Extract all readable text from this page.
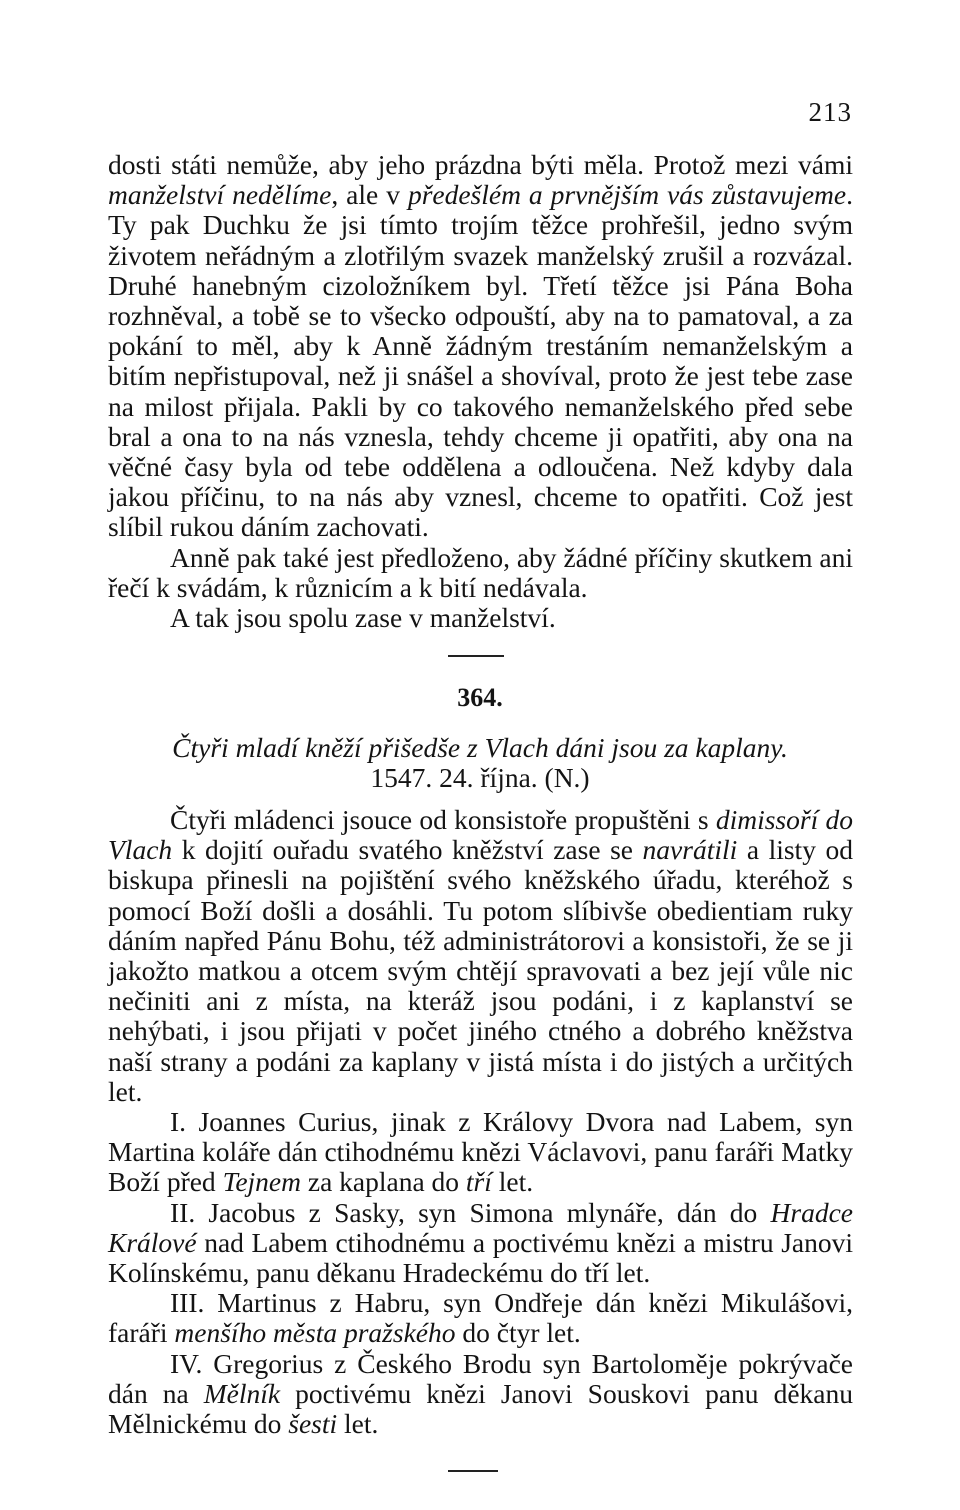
213

dosti státi nemůže, aby jeho prázdna býti měla. Protož mezi vámi manželství nedělíme, ale v předešlém a prvnějším vás zůstavujeme. Ty pak Duchku že jsi tímto trojím těžce prohřešil, jedno svým životem neřádným a zlotřilým svazek manželský zrušil a rozvázal. Druhé hanebným cizoložníkem byl. Třetí těžce jsi Pána Boha rozhněval, a tobě se to všecko odpouští, aby na to pamatoval, a za pokání to měl, aby k Anně žádným trestáním nemanželským a bitím nepřistupoval, než ji snášel a shovíval, proto že jest tebe zase na milost přijala. Pakli by co takového nemanželského před sebe bral a ona to na nás vznesla, tehdy chceme ji opatřiti, aby ona na věčné časy byla od tebe oddělena a odloučena. Než kdyby dala jakou příčinu, to na nás aby vznesl, chceme to opatřiti. Což jest slíbil rukou dáním zachovati.

Anně pak také jest předloženo, aby žádné příčiny skutkem ani řečí k svádám, k různicím a k bití nedávala.

A tak jsou spolu zase v manželství.

364.
Čtyři mladí kněží přišedše z Vlach dáni jsou za kaplany.
1547. 24. října. (N.)

Čtyři mládenci jsouce od konsistoře propuštěni s dimissoří do Vlach k dojití ouřadu svatého kněžství zase se navrátili a listy od biskupa přinesli na pojištění svého kněžského úřadu, kteréhož s pomocí Boží došli a dosáhli. Tu potom slíbivše obedientiam ruky dáním napřed Pánu Bohu, též administrátorovi a konsistoři, že se ji jakožto matkou a otcem svým chtějí spravovati a bez její vůle nic nečiniti ani z místa, na kteráž jsou podáni, i z kaplanství se nehýbati, i jsou přijati v počet jiného ctného a dobrého kněžstva naší strany a podáni za kaplany v jistá místa i do jistých a určitých let.

I. Joannes Curius, jinak z Královy Dvora nad Labem, syn Martina koláře dán ctihodnému knězi Václavovi, panu faráři Matky Boží před Tejnem za kaplana do tří let.

II. Jacobus z Sasky, syn Simona mlynáře, dán do Hradce Králové nad Labem ctihodnému a poctivému knězi a mistru Janovi Kolínskému, panu děkanu Hradeckému do tří let.

III. Martinus z Habru, syn Ondřeje dán knězi Mikulášovi, faráři menšího města pražského do čtyr let.

IV. Gregorius z Českého Brodu syn Bartoloměje pokrývače dán na Mělník poctivému knězi Janovi Souskovi panu děkanu Mělnickému do šesti let.
